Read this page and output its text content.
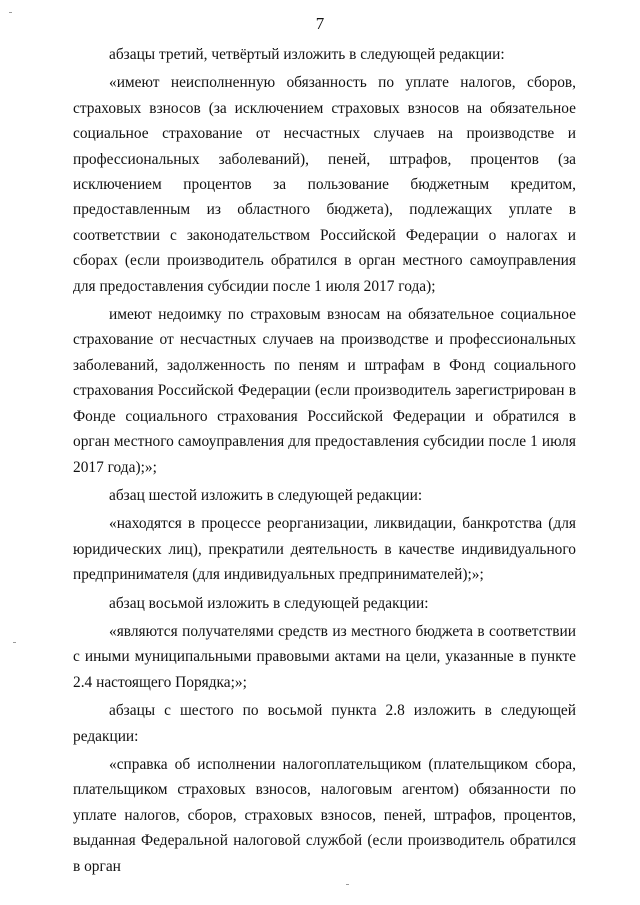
7

абзацы третий, четвёртый изложить в следующей редакции:

«имеют неисполненную обязанность по уплате налогов, сборов, страховых взносов (за исключением страховых взносов на обязательное социальное страхование от несчастных случаев на производстве и профессиональных заболеваний), пеней, штрафов, процентов (за исключением процентов за пользование бюджетным кредитом, предоставленным из областного бюджета), подлежащих уплате в соответствии с законодательством Российской Федерации о налогах и сборах (если производитель обратился в орган местного самоуправления для предоставления субсидии после 1 июля 2017 года);

имеют недоимку по страховым взносам на обязательное социальное страхование от несчастных случаев на производстве и профессиональных заболеваний, задолженность по пеням и штрафам в Фонд социального страхования Российской Федерации (если производитель зарегистрирован в Фонде социального страхования Российской Федерации и обратился в орган местного самоуправления для предоставления субсидии после 1 июля 2017 года);»;

абзац шестой изложить в следующей редакции:

«находятся в процессе реорганизации, ликвидации, банкротства (для юридических лиц), прекратили деятельность в качестве индивидуального предпринимателя (для индивидуальных предпринимателей);»;

абзац восьмой изложить в следующей редакции:

«являются получателями средств из местного бюджета в соответствии с иными муниципальными правовыми актами на цели, указанные в пункте 2.4 настоящего Порядка;»;

абзацы с шестого по восьмой пункта 2.8 изложить в следующей редакции:

«справка об исполнении налогоплательщиком (плательщиком сбора, плательщиком страховых взносов, налоговым агентом) обязанности по уплате налогов, сборов, страховых взносов, пеней, штрафов, процентов, выданная Федеральной налоговой службой (если производитель обратился в орган
